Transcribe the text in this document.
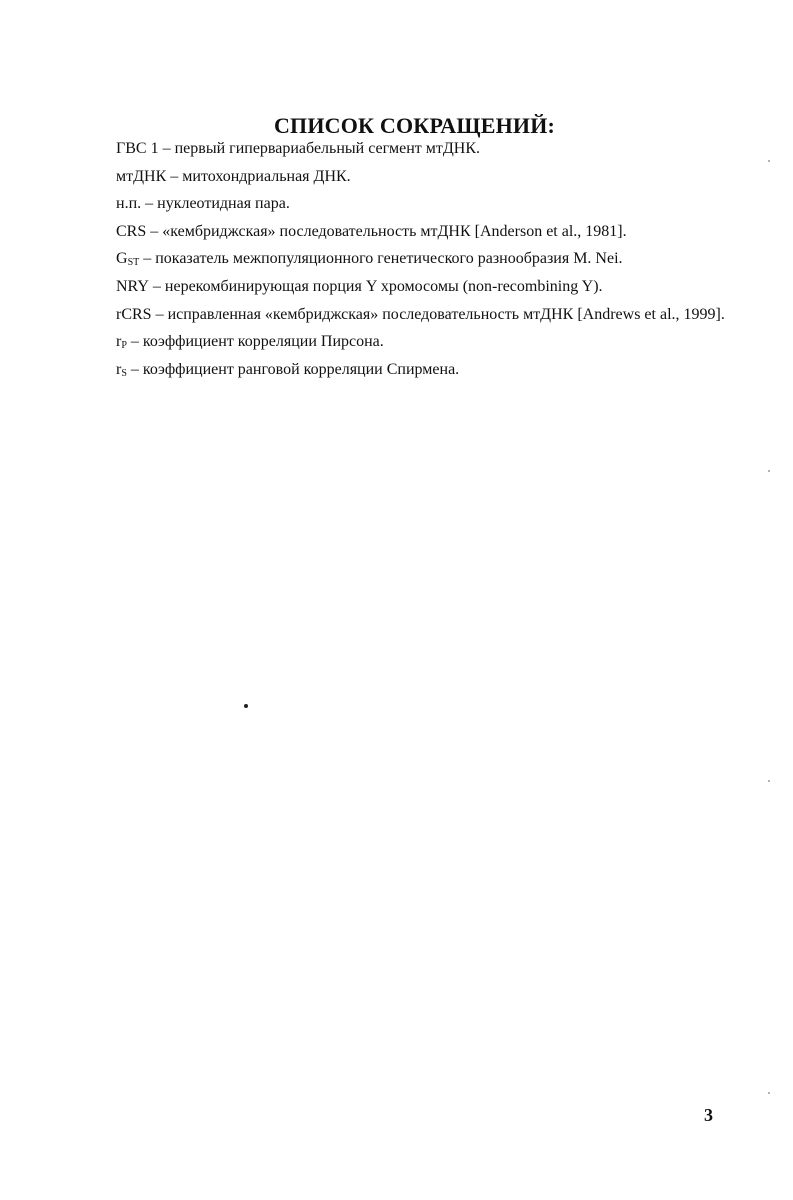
СПИСОК СОКРАЩЕНИЙ:
ГВС 1 – первый гипервариабельный сегмент мтДНК.
мтДНК – митохондриальная ДНК.
н.п. – нуклеотидная пара.
CRS – «кембриджская» последовательность мтДНК [Anderson et al., 1981].
$G_{ST}$ – показатель межпопуляционного генетического разнообразия M. Nei.
NRY – нерекомбинирующая порция Y хромосомы (non-recombining Y).
rCRS – исправленная «кембриджская» последовательность мтДНК [Andrews et al., 1999].
$r_P$ – коэффициент корреляции Пирсона.
$r_S$ – коэффициент ранговой корреляции Спирмена.
3
